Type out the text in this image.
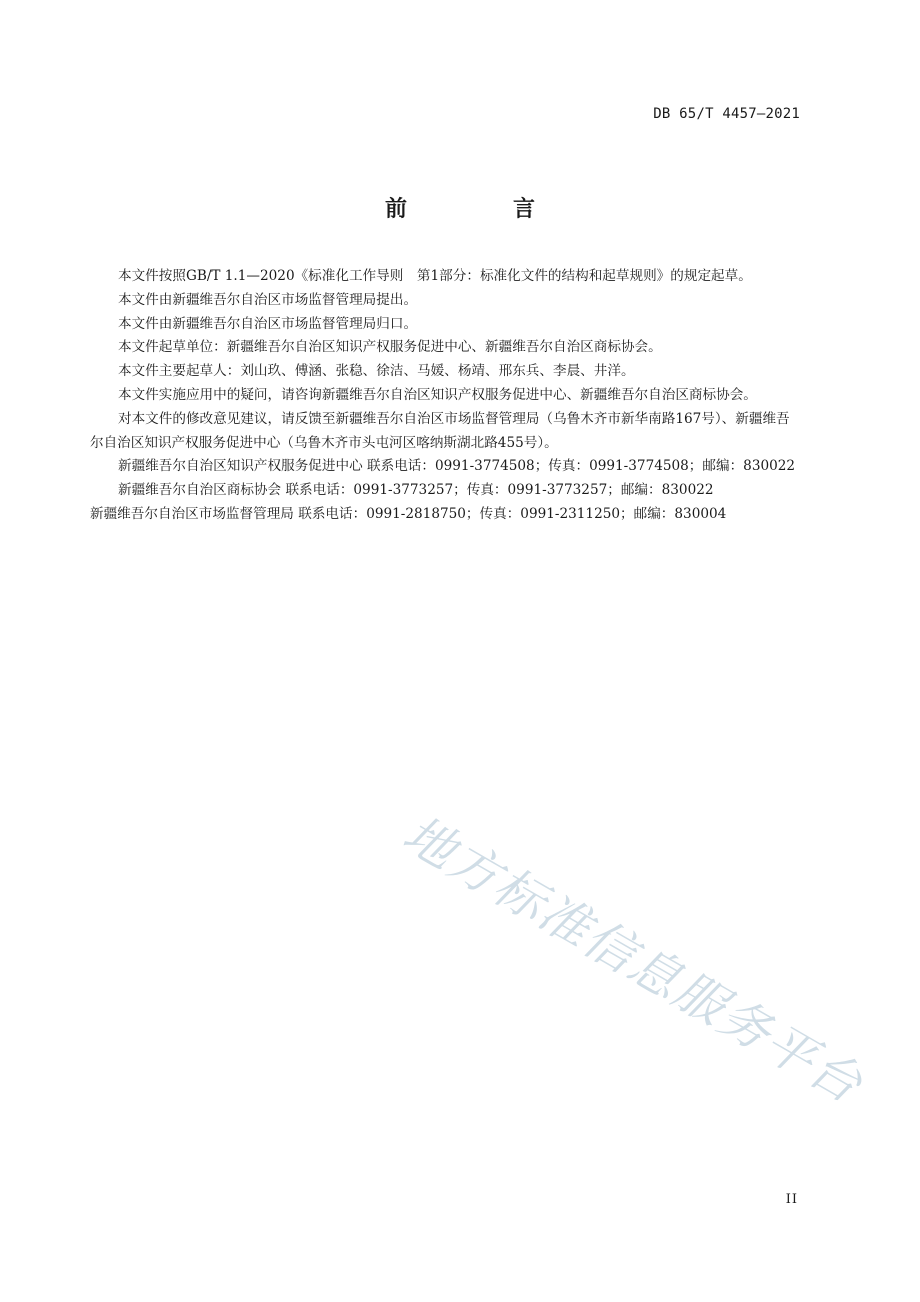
DB 65/T 4457—2021
前　言

本文件按照GB/T 1.1—2020《标准化工作导则　第1部分：标准化文件的结构和起草规则》的规定起草。

本文件由新疆维吾尔自治区市场监督管理局提出。

本文件由新疆维吾尔自治区市场监督管理局归口。

本文件起草单位：新疆维吾尔自治区知识产权服务促进中心、新疆维吾尔自治区商标协会。

本文件主要起草人：刘山玖、傅涵、张稳、徐洁、马媛、杨靖、邢东兵、李晨、井洋。

本文件实施应用中的疑问，请咨询新疆维吾尔自治区知识产权服务促进中心、新疆维吾尔自治区商标协会。

对本文件的修改意见建议，请反馈至新疆维吾尔自治区市场监督管理局（乌鲁木齐市新华南路167号）、新疆维吾尔自治区知识产权服务促进中心（乌鲁木齐市头屯河区喀纳斯湖北路455号）。

新疆维吾尔自治区知识产权服务促进中心 联系电话：0991-3774508；传真：0991-3774508；邮编：830022

新疆维吾尔自治区商标协会 联系电话：0991-3773257；传真：0991-3773257；邮编：830022

新疆维吾尔自治区市场监督管理局 联系电话：0991-2818750；传真：0991-2311250；邮编：830004

地方标准信息服务平台
II
